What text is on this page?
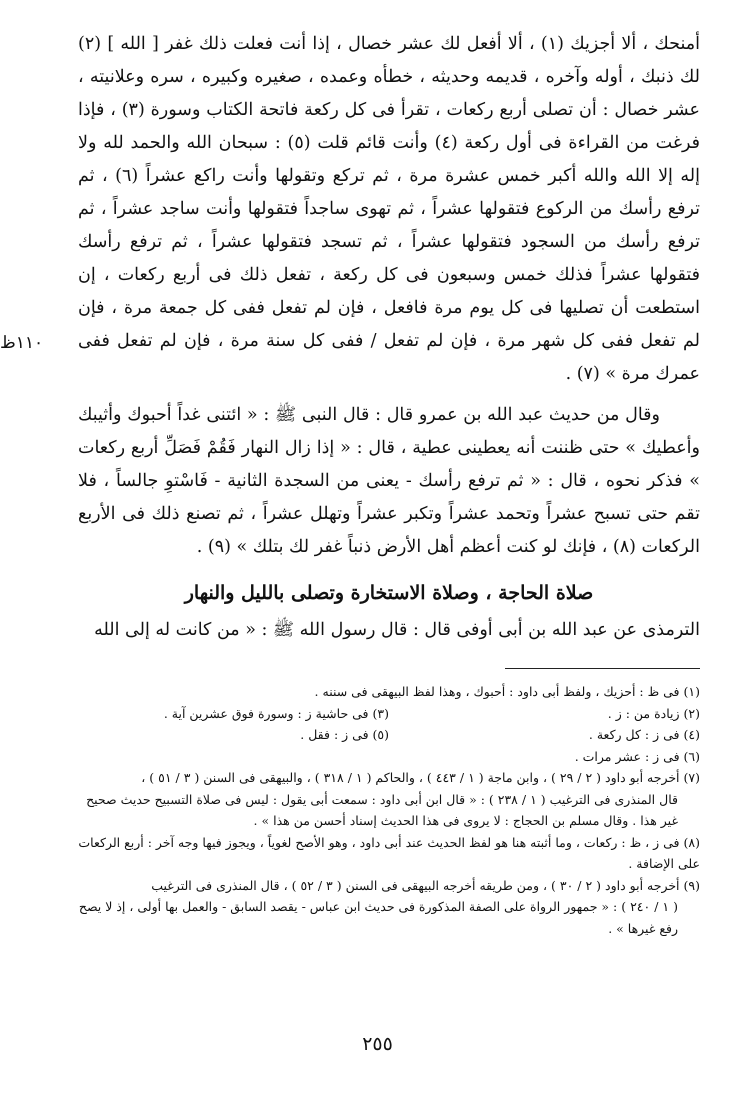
١١٠ظ

أمنحك ، ألا أجزيك (١) ، ألا أفعل لك عشر خصال ، إذا أنت فعلت ذلك غفر [ الله ] (٢) لك ذنبك ، أوله وآخره ، قديمه وحديثه ، خطأه وعمده ، صغيره وكبيره ، سره وعلانيته ، عشر خصال : أن تصلى أربع ركعات ، تقرأ فى كل ركعة فاتحة الكتاب وسورة (٣) ، فإذا فرغت من القراءة فى أول ركعة (٤) وأنت قائم قلت (٥) : سبحان الله والحمد لله ولا إله إلا الله والله أكبر خمس عشرة مرة ، ثم تركع وتقولها وأنت راكع عشراً (٦) ، ثم ترفع رأسك من الركوع فتقولها عشراً ، ثم تهوى ساجداً فتقولها وأنت ساجد عشراً ، ثم ترفع رأسك من السجود فتقولها عشراً ، ثم تسجد فتقولها عشراً ، ثم ترفع رأسك فتقولها عشراً فذلك خمس وسبعون فى كل ركعة ، تفعل ذلك فى أربع ركعات ، إن استطعت أن تصليها فى كل يوم مرة فافعل ، فإن لم تفعل ففى كل جمعة مرة ، فإن لم تفعل ففى كل شهر مرة ، فإن لم تفعل / ففى كل سنة مرة ، فإن لم تفعل ففى عمرك مرة » (٧) .

وقال من حديث عبد الله بن عمرو قال : قال النبى ﷺ : « ائتنى غداً أحبوك وأثيبك وأعطيك » حتى ظننت أنه يعطينى عطية ، قال : « إذا زال النهار فَقُمْ فَصَلِّ أربع ركعات » فذكر نحوه ، قال : « ثم ترفع رأسك - يعنى من السجدة الثانية - فَاسْتوِ جالساً ، فلا تقم حتى تسبح عشراً وتحمد عشراً وتكبر عشراً وتهلل عشراً ، ثم تصنع ذلك فى الأربع الركعات (٨) ، فإنك لو كنت أعظم أهل الأرض ذنباً غفر لك بتلك » (٩) .

صلاة الحاجة ، وصلاة الاستخارة وتصلى بالليل والنهار

الترمذى عن عبد الله بن أبى أوفى قال : قال رسول الله ﷺ : « من كانت له إلى الله

(١) فى ظ : أحزيك ، ولفظ أبى داود : أحبوك ، وهذا لفظ البيهقى فى سننه .

(٢) زيادة من : ز .

(٣) فى حاشية ز : وسورة فوق عشرين آية .

(٤) فى ز : كل ركعة .

(٥) فى ز : فقل .

(٦) فى ز : عشر مرات .

(٧) أخرجه أبو داود ( ٢ / ٢٩ ) ، وابن ماجة ( ١ / ٤٤٣ ) ، والحاكم ( ١ / ٣١٨ ) ، والبيهقى فى السنن ( ٣ / ٥١ ) ،

قال المنذرى فى الترغيب ( ١ / ٢٣٨ ) : « قال ابن أبى داود : سمعت أبى يقول : ليس فى صلاة التسبيح حديث صحيح غير هذا . وقال مسلم بن الحجاج : لا يروى فى هذا الحديث إسناد أحسن من هذا » .

(٨) فى ز ، ظ : ركعات ، وما أثبته هنا هو لفظ الحديث عند أبى داود ، وهو الأصح لغوياً ، ويجوز فيها وجه آخر : أربع الركعات على الإضافة .

(٩) أخرجه أبو داود ( ٢ / ٣٠ ) ، ومن طريقه أخرجه البيهقى فى السنن ( ٣ / ٥٢ ) ، قال المنذرى فى الترغيب

( ١ / ٢٤٠ ) : « جمهور الرواة على الصفة المذكورة فى حديث ابن عباس - يقصد السابق - والعمل بها أولى ، إذ لا يصح رفع غيرها » .

٢٥٥
